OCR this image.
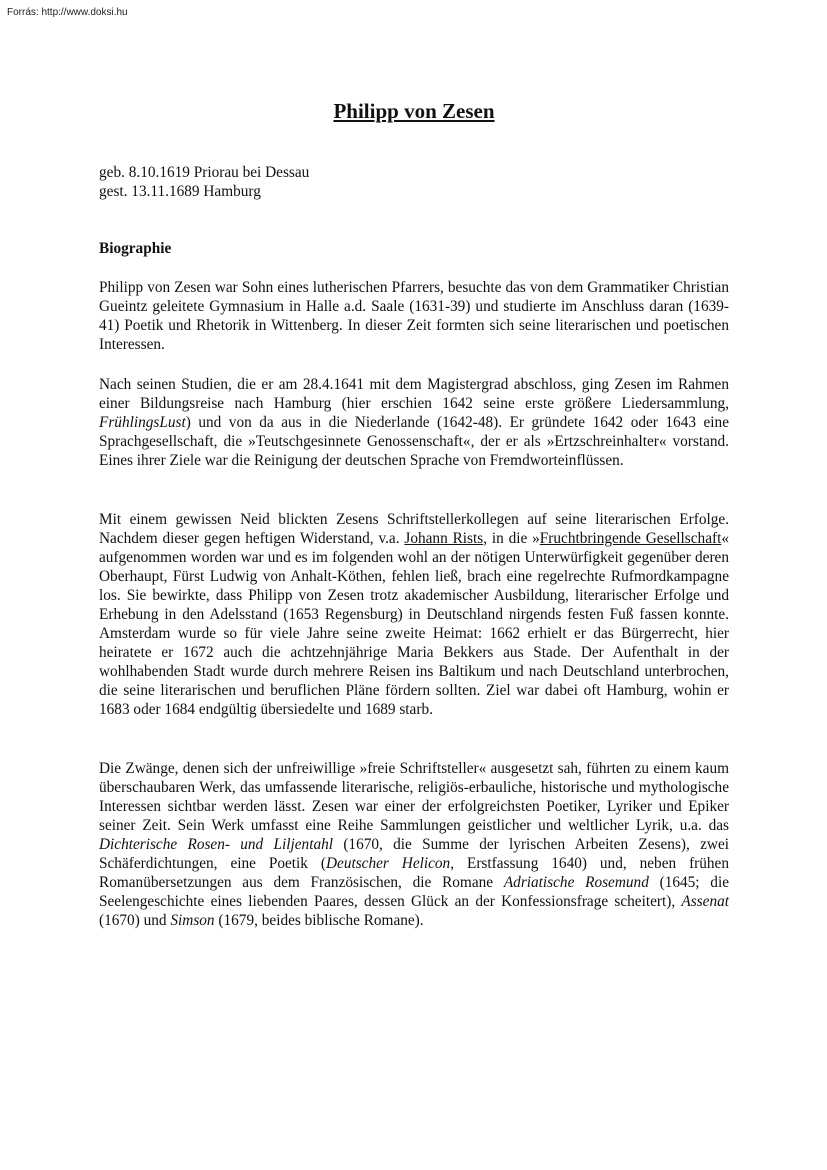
Forrás: http://www.doksi.hu
Philipp von Zesen
geb. 8.10.1619 Priorau bei Dessau
gest. 13.11.1689 Hamburg
Biographie

Philipp von Zesen war Sohn eines lutherischen Pfarrers, besuchte das von dem Grammatiker Christian Gueintz geleitete Gymnasium in Halle a.d. Saale (1631-39) und studierte im Anschluss daran (1639-41) Poetik und Rhetorik in Wittenberg. In dieser Zeit formten sich seine literarischen und poetischen Interessen.

Nach seinen Studien, die er am 28.4.1641 mit dem Magistergrad abschloss, ging Zesen im Rahmen einer Bildungsreise nach Hamburg (hier erschien 1642 seine erste größere Liedersammlung, FrühlingsLust) und von da aus in die Niederlande (1642-48). Er gründete 1642 oder 1643 eine Sprachgesellschaft, die »Teutschgesinnete Genossenschaft«, der er als »Ertzschreinhalter« vorstand. Eines ihrer Ziele war die Reinigung der deutschen Sprache von Fremdworteinflüssen.

Mit einem gewissen Neid blickten Zesens Schriftstellerkollegen auf seine literarischen Erfolge. Nachdem dieser gegen heftigen Widerstand, v.a. Johann Rists, in die »Fruchtbringende Gesellschaft« aufgenommen worden war und es im folgenden wohl an der nötigen Unterwürfigkeit gegenüber deren Oberhaupt, Fürst Ludwig von Anhalt-Köthen, fehlen ließ, brach eine regelrechte Rufmordkampagne los. Sie bewirkte, dass Philipp von Zesen trotz akademischer Ausbildung, literarischer Erfolge und Erhebung in den Adelsstand (1653 Regensburg) in Deutschland nirgends festen Fuß fassen konnte. Amsterdam wurde so für viele Jahre seine zweite Heimat: 1662 erhielt er das Bürgerrecht, hier heiratete er 1672 auch die achtzehnjährige Maria Bekkers aus Stade. Der Aufenthalt in der wohlhabenden Stadt wurde durch mehrere Reisen ins Baltikum und nach Deutschland unterbrochen, die seine literarischen und beruflichen Pläne fördern sollten. Ziel war dabei oft Hamburg, wohin er 1683 oder 1684 endgültig übersiedelte und 1689 starb.

Die Zwänge, denen sich der unfreiwillige »freie Schriftsteller« ausgesetzt sah, führten zu einem kaum überschaubaren Werk, das umfassende literarische, religiös-erbauliche, historische und mythologische Interessen sichtbar werden lässt. Zesen war einer der erfolgreichsten Poetiker, Lyriker und Epiker seiner Zeit. Sein Werk umfasst eine Reihe Sammlungen geistlicher und weltlicher Lyrik, u.a. das Dichterische Rosen- und Liljentahl (1670, die Summe der lyrischen Arbeiten Zesens), zwei Schäferdichtungen, eine Poetik (Deutscher Helicon, Erstfassung 1640) und, neben frühen Romanübersetzungen aus dem Französischen, die Romane Adriatische Rosemund (1645; die Seelengeschichte eines liebenden Paares, dessen Glück an der Konfessionsfrage scheitert), Assenat (1670) und Simson (1679, beides biblische Romane).
